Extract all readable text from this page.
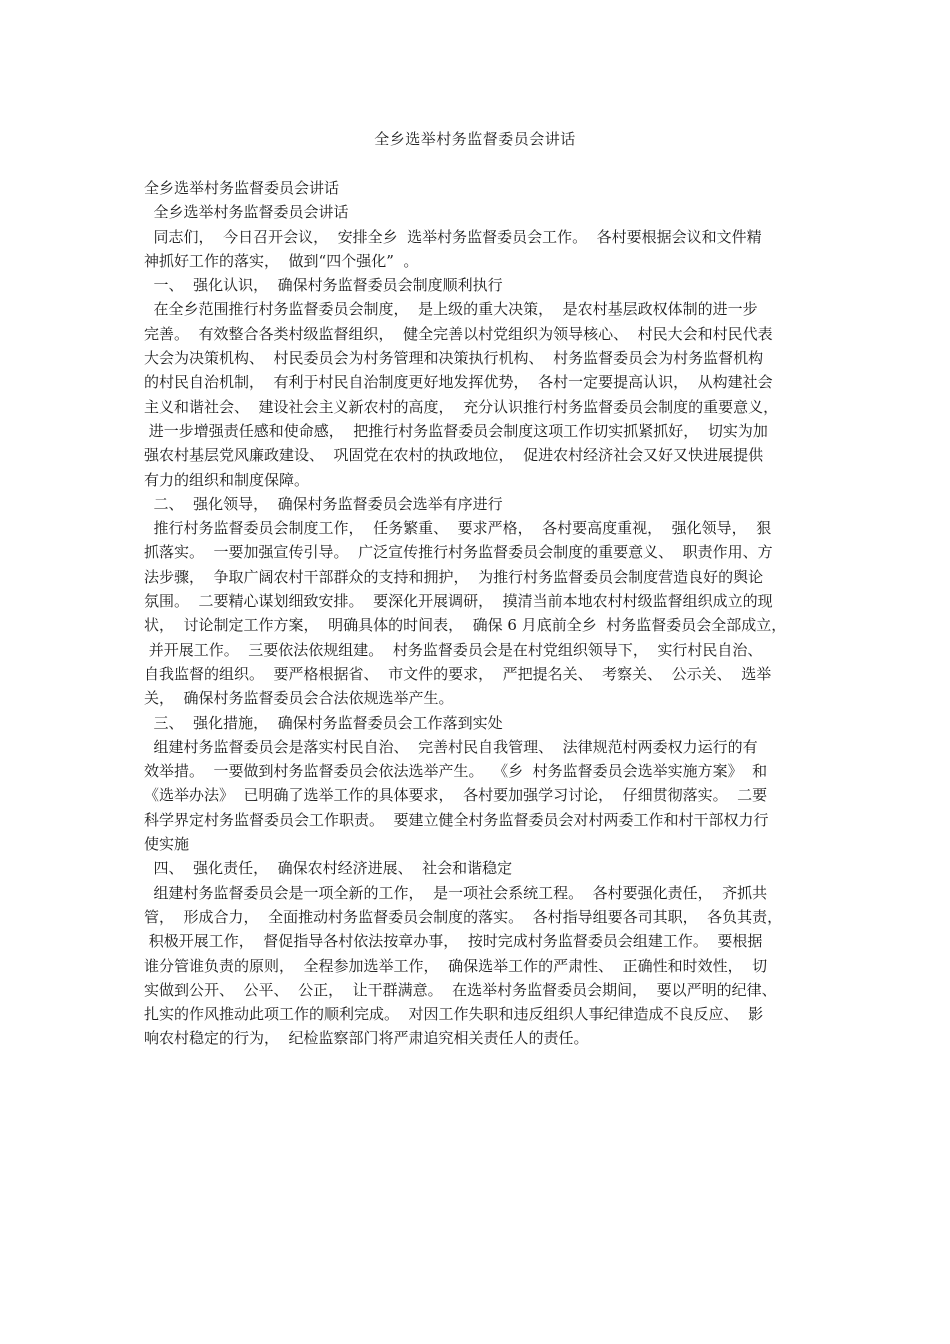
全乡选举村务监督委员会讲话
全乡选举村务监督委员会讲话
全乡选举村务监督委员会讲话
同志们，  今日召开会议，  安排全乡  选举村务监督委员会工作。  各村要根据会议和文件精
神抓好工作的落实，  做到“四个强化”  。
一、  强化认识，  确保村务监督委员会制度顺利执行
在全乡范围推行村务监督委员会制度，  是上级的重大决策，  是农村基层政权体制的进一步
完善。  有效整合各类村级监督组织，  健全完善以村党组织为领导核心、  村民大会和村民代表
大会为决策机构、  村民委员会为村务管理和决策执行机构、  村务监督委员会为村务监督机构
的村民自治机制，  有利于村民自治制度更好地发挥优势，  各村一定要提高认识，  从构建社会
主义和谐社会、  建设社会主义新农村的高度，  充分认识推行村务监督委员会制度的重要意义，
进一步增强责任感和使命感，  把推行村务监督委员会制度这项工作切实抓紧抓好，  切实为加
强农村基层党风廉政建设、  巩固党在农村的执政地位，  促进农村经济社会又好又快进展提供
有力的组织和制度保障。
二、  强化领导，  确保村务监督委员会选举有序进行
推行村务监督委员会制度工作，  任务繁重、  要求严格，  各村要高度重视，  强化领导，  狠
抓落实。  一要加强宣传引导。  广泛宣传推行村务监督委员会制度的重要意义、  职责作用、方
法步骤，  争取广阔农村干部群众的支持和拥护，  为推行村务监督委员会制度营造良好的舆论
氛围。  二要精心谋划细致安排。  要深化开展调研，  摸清当前本地农村村级监督组织成立的现
状，  讨论制定工作方案，  明确具体的时间表，  确保 6 月底前全乡  村务监督委员会全部成立，
并开展工作。  三要依法依规组建。  村务监督委员会是在村党组织领导下，  实行村民自治、
自我监督的组织。  要严格根据省、  市文件的要求，  严把提名关、  考察关、  公示关、  选举
关，  确保村务监督委员会合法依规选举产生。
三、  强化措施，  确保村务监督委员会工作落到实处
组建村务监督委员会是落实村民自治、  完善村民自我管理、  法律规范村两委权力运行的有
效举措。  一要做到村务监督委员会依法选举产生。  《乡  村务监督委员会选举实施方案》  和
《选举办法》  已明确了选举工作的具体要求，  各村要加强学习讨论，  仔细贯彻落实。  二要
科学界定村务监督委员会工作职责。  要建立健全村务监督委员会对村两委工作和村干部权力行
使实施
四、  强化责任，  确保农村经济进展、  社会和谐稳定
组建村务监督委员会是一项全新的工作，  是一项社会系统工程。  各村要强化责任，  齐抓共
管，  形成合力，  全面推动村务监督委员会制度的落实。  各村指导组要各司其职，  各负其责，
积极开展工作，  督促指导各村依法按章办事，  按时完成村务监督委员会组建工作。  要根据
谁分管谁负责的原则，  全程参加选举工作，  确保选举工作的严肃性、  正确性和时效性，  切
实做到公开、  公平、  公正，  让干群满意。  在选举村务监督委员会期间，  要以严明的纪律、
扎实的作风推动此项工作的顺利完成。  对因工作失职和违反组织人事纪律造成不良反应、  影
响农村稳定的行为，  纪检监察部门将严肃追究相关责任人的责任。
